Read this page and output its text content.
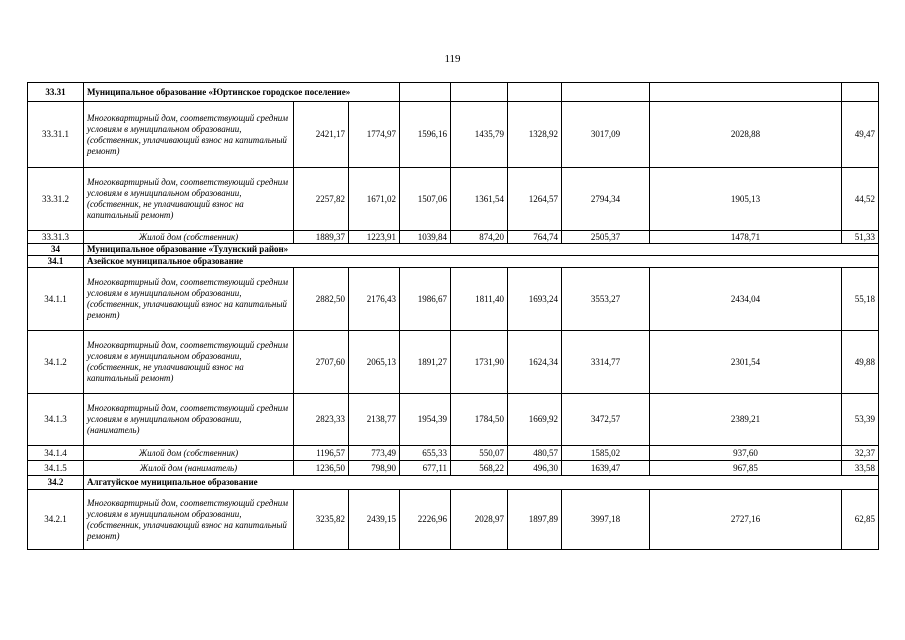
119
33.31	Муниципальное образование «Юртинское городское поселение»								
33.31.1	Многоквартирный дом, соответствующий средним условиям в муниципальном образовании, (собственник, уплачивающий взнос на капитальный ремонт)	2421,17	1774,97	1596,16	1435,79	1328,92	3017,09	2028,88	49,47
33.31.2	Многоквартирный дом, соответствующий средним условиям в муниципальном образовании, (собственник, не уплачивающий взнос на капитальный ремонт)	2257,82	1671,02	1507,06	1361,54	1264,57	2794,34	1905,13	44,52
33.31.3	Жилой дом (собственник)	1889,37	1223,91	1039,84	874,20	764,74	2505,37	1478,71	51,33
34	Муниципальное образование «Тулунский район»								
34.1	Азейское муниципальное образование								
34.1.1	Многоквартирный дом, соответствующий средним условиям в муниципальном образовании, (собственник, уплачивающий взнос на капитальный ремонт)	2882,50	2176,43	1986,67	1811,40	1693,24	3553,27	2434,04	55,18
34.1.2	Многоквартирный дом, соответствующий средним условиям в муниципальном образовании, (собственник, не уплачивающий взнос на капитальный ремонт)	2707,60	2065,13	1891,27	1731,90	1624,34	3314,77	2301,54	49,88
34.1.3	Многоквартирный дом, соответствующий средним условиям в муниципальном образовании, (наниматель)	2823,33	2138,77	1954,39	1784,50	1669,92	3472,57	2389,21	53,39
34.1.4	Жилой дом (собственник)	1196,57	773,49	655,33	550,07	480,57	1585,02	937,60	32,37
34.1.5	Жилой дом (наниматель)	1236,50	798,90	677,11	568,22	496,30	1639,47	967,85	33,58
34.2	Алгатуйское муниципальное образование								
34.2.1	Многоквартирный дом, соответствующий средним условиям в муниципальном образовании, (собственник, уплачивающий взнос на капитальный ремонт)	3235,82	2439,15	2226,96	2028,97	1897,89	3997,18	2727,16	62,85
